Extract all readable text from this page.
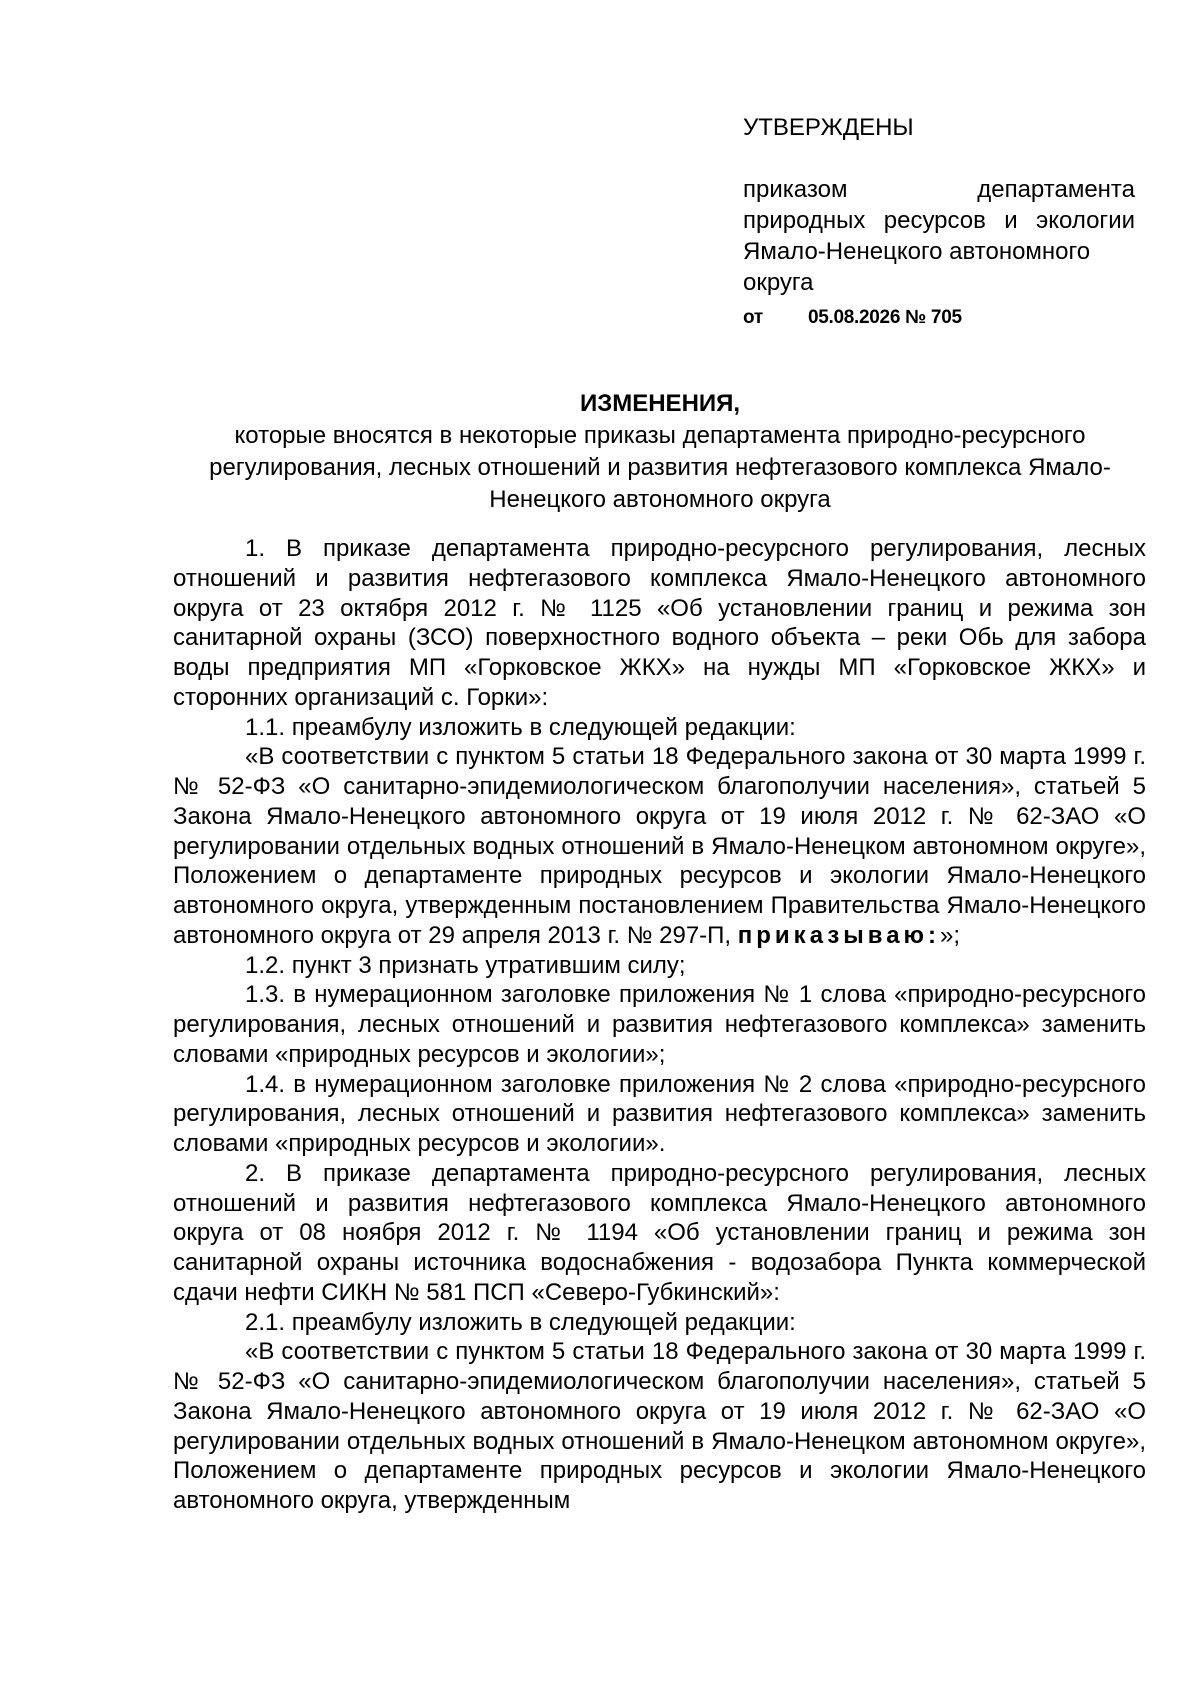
УТВЕРЖДЕНЫ
приказом департамента природных ресурсов и экологии Ямало-Ненецкого автономного
округа
от 05.08.2026 № 705
ИЗМЕНЕНИЯ,
которые вносятся в некоторые приказы департамента природно-ресурсного регулирования, лесных отношений и развития нефтегазового комплекса Ямало-Ненецкого автономного округа

1. В приказе департамента природно-ресурсного регулирования, лесных отношений и развития нефтегазового комплекса Ямало-Ненецкого автономного округа от 23 октября 2012 г. № 1125 «Об установлении границ и режима зон санитарной охраны (ЗСО) поверхностного водного объекта – реки Обь для забора воды предприятия МП «Горковское ЖКХ» на нужды МП «Горковское ЖКХ» и сторонних организаций с. Горки»:

1.1. преамбулу изложить в следующей редакции:

«В соответствии с пунктом 5 статьи 18 Федерального закона от 30 марта 1999 г. № 52-ФЗ «О санитарно-эпидемиологическом благополучии населения», статьей 5 Закона Ямало-Ненецкого автономного округа от 19 июля 2012 г. № 62-ЗАО «О регулировании отдельных водных отношений в Ямало-Ненецком автономном округе», Положением о департаменте природных ресурсов и экологии Ямало-Ненецкого автономного округа, утвержденным постановлением Правительства Ямало-Ненецкого автономного округа от 29 апреля 2013 г. № 297-П, приказываю:»;

1.2. пункт 3 признать утратившим силу;

1.3. в нумерационном заголовке приложения № 1 слова «природно-ресурсного регулирования, лесных отношений и развития нефтегазового комплекса» заменить словами «природных ресурсов и экологии»;

1.4. в нумерационном заголовке приложения № 2 слова «природно-ресурсного регулирования, лесных отношений и развития нефтегазового комплекса» заменить словами «природных ресурсов и экологии».

2. В приказе департамента природно-ресурсного регулирования, лесных отношений и развития нефтегазового комплекса Ямало-Ненецкого автономного округа от 08 ноября 2012 г. № 1194 «Об установлении границ и режима зон санитарной охраны источника водоснабжения - водозабора Пункта коммерческой сдачи нефти СИКН № 581 ПСП «Северо-Губкинский»:

2.1. преамбулу изложить в следующей редакции:

«В соответствии с пунктом 5 статьи 18 Федерального закона от 30 марта 1999 г. № 52-ФЗ «О санитарно-эпидемиологическом благополучии населения», статьей 5 Закона Ямало-Ненецкого автономного округа от 19 июля 2012 г. № 62-ЗАО «О регулировании отдельных водных отношений в Ямало-Ненецком автономном округе», Положением о департаменте природных ресурсов и экологии Ямало-Ненецкого автономного округа, утвержденным
